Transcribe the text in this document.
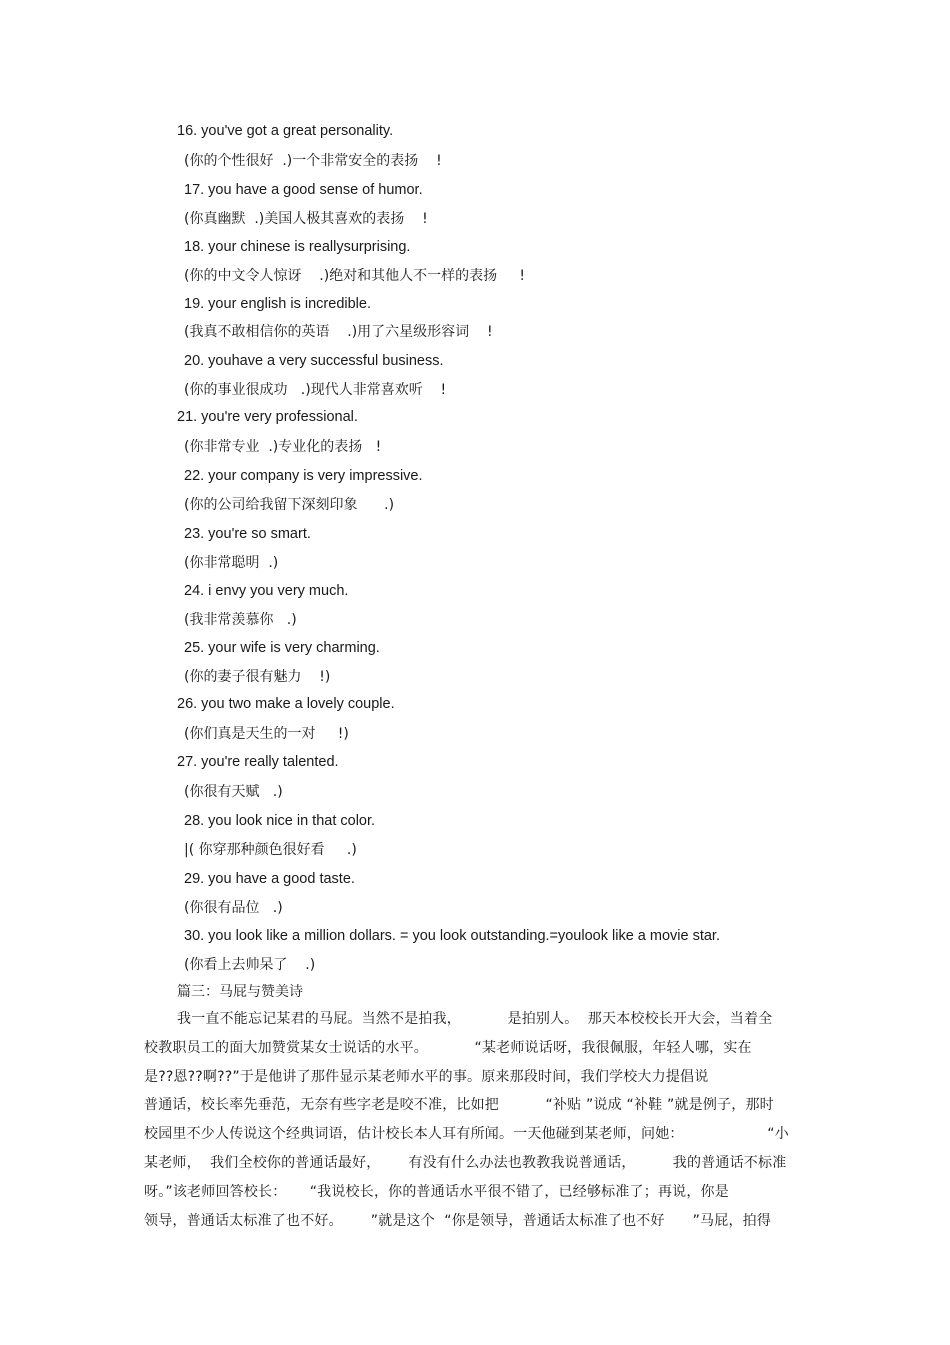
16. you've got a great personality.

(你的个性很好  .)一个非常安全的表扬    !

17. you have a good sense of humor.

(你真幽默  .)美国人极其喜欢的表扬    !

18. your chinese is reallysurprising.

(你的中文令人惊讶    .)绝对和其他人不一样的表扬     !

19. your english is incredible.

(我真不敢相信你的英语    .)用了六星级形容词    !

20. youhave a very successful business.

(你的事业很成功   .)现代人非常喜欢听    !

21. you're very professional.

(你非常专业  .)专业化的表扬   !

22. your company is very impressive.

(你的公司给我留下深刻印象      .)

23. you're so smart.

(你非常聪明  .)

24. i envy you very much.

(我非常羡慕你   .)

25. your wife is very charming.

(你的妻子很有魅力    !)

26. you two make a lovely couple.

(你们真是天生的一对     !)

27. you're really talented.

(你很有天赋   .)

28. you look nice in that color.

|( 你穿那种颜色很好看     .)

29. you have a good taste.

(你很有品位   .)

30. you look like a million dollars. = you look outstanding.=youlook like a movie star.

(你看上去帅呆了    .)

篇三：马屁与赞美诗

我一直不能忘记某君的马屁。当然不是拍我，          是拍别人。  那天本校校长开大会，当着全

校教职员工的面大加赞赏某女士说话的水平。          “某老师说话呀，我很佩服，年轻人哪，实在

是??恩??啊??”于是他讲了那件显示某老师水平的事。原来那段时间，我们学校大力提倡说

普通话，校长率先垂范，无奈有些字老是咬不准，比如把          “补贴 ”说成 “补鞋 ”就是例子，那时

校园里不少人传说这个经典词语，估计校长本人耳有所闻。一天他碰到某老师，问她：                  “小

某老师，  我们全校你的普通话最好，      有没有什么办法也教教我说普通话，        我的普通话不标准

呀。”该老师回答校长：     “我说校长，你的普通话水平很不错了，已经够标准了；再说，你是

领导，普通话太标准了也不好。      ”就是这个  “你是领导，普通话太标准了也不好      ”马屁，拍得
